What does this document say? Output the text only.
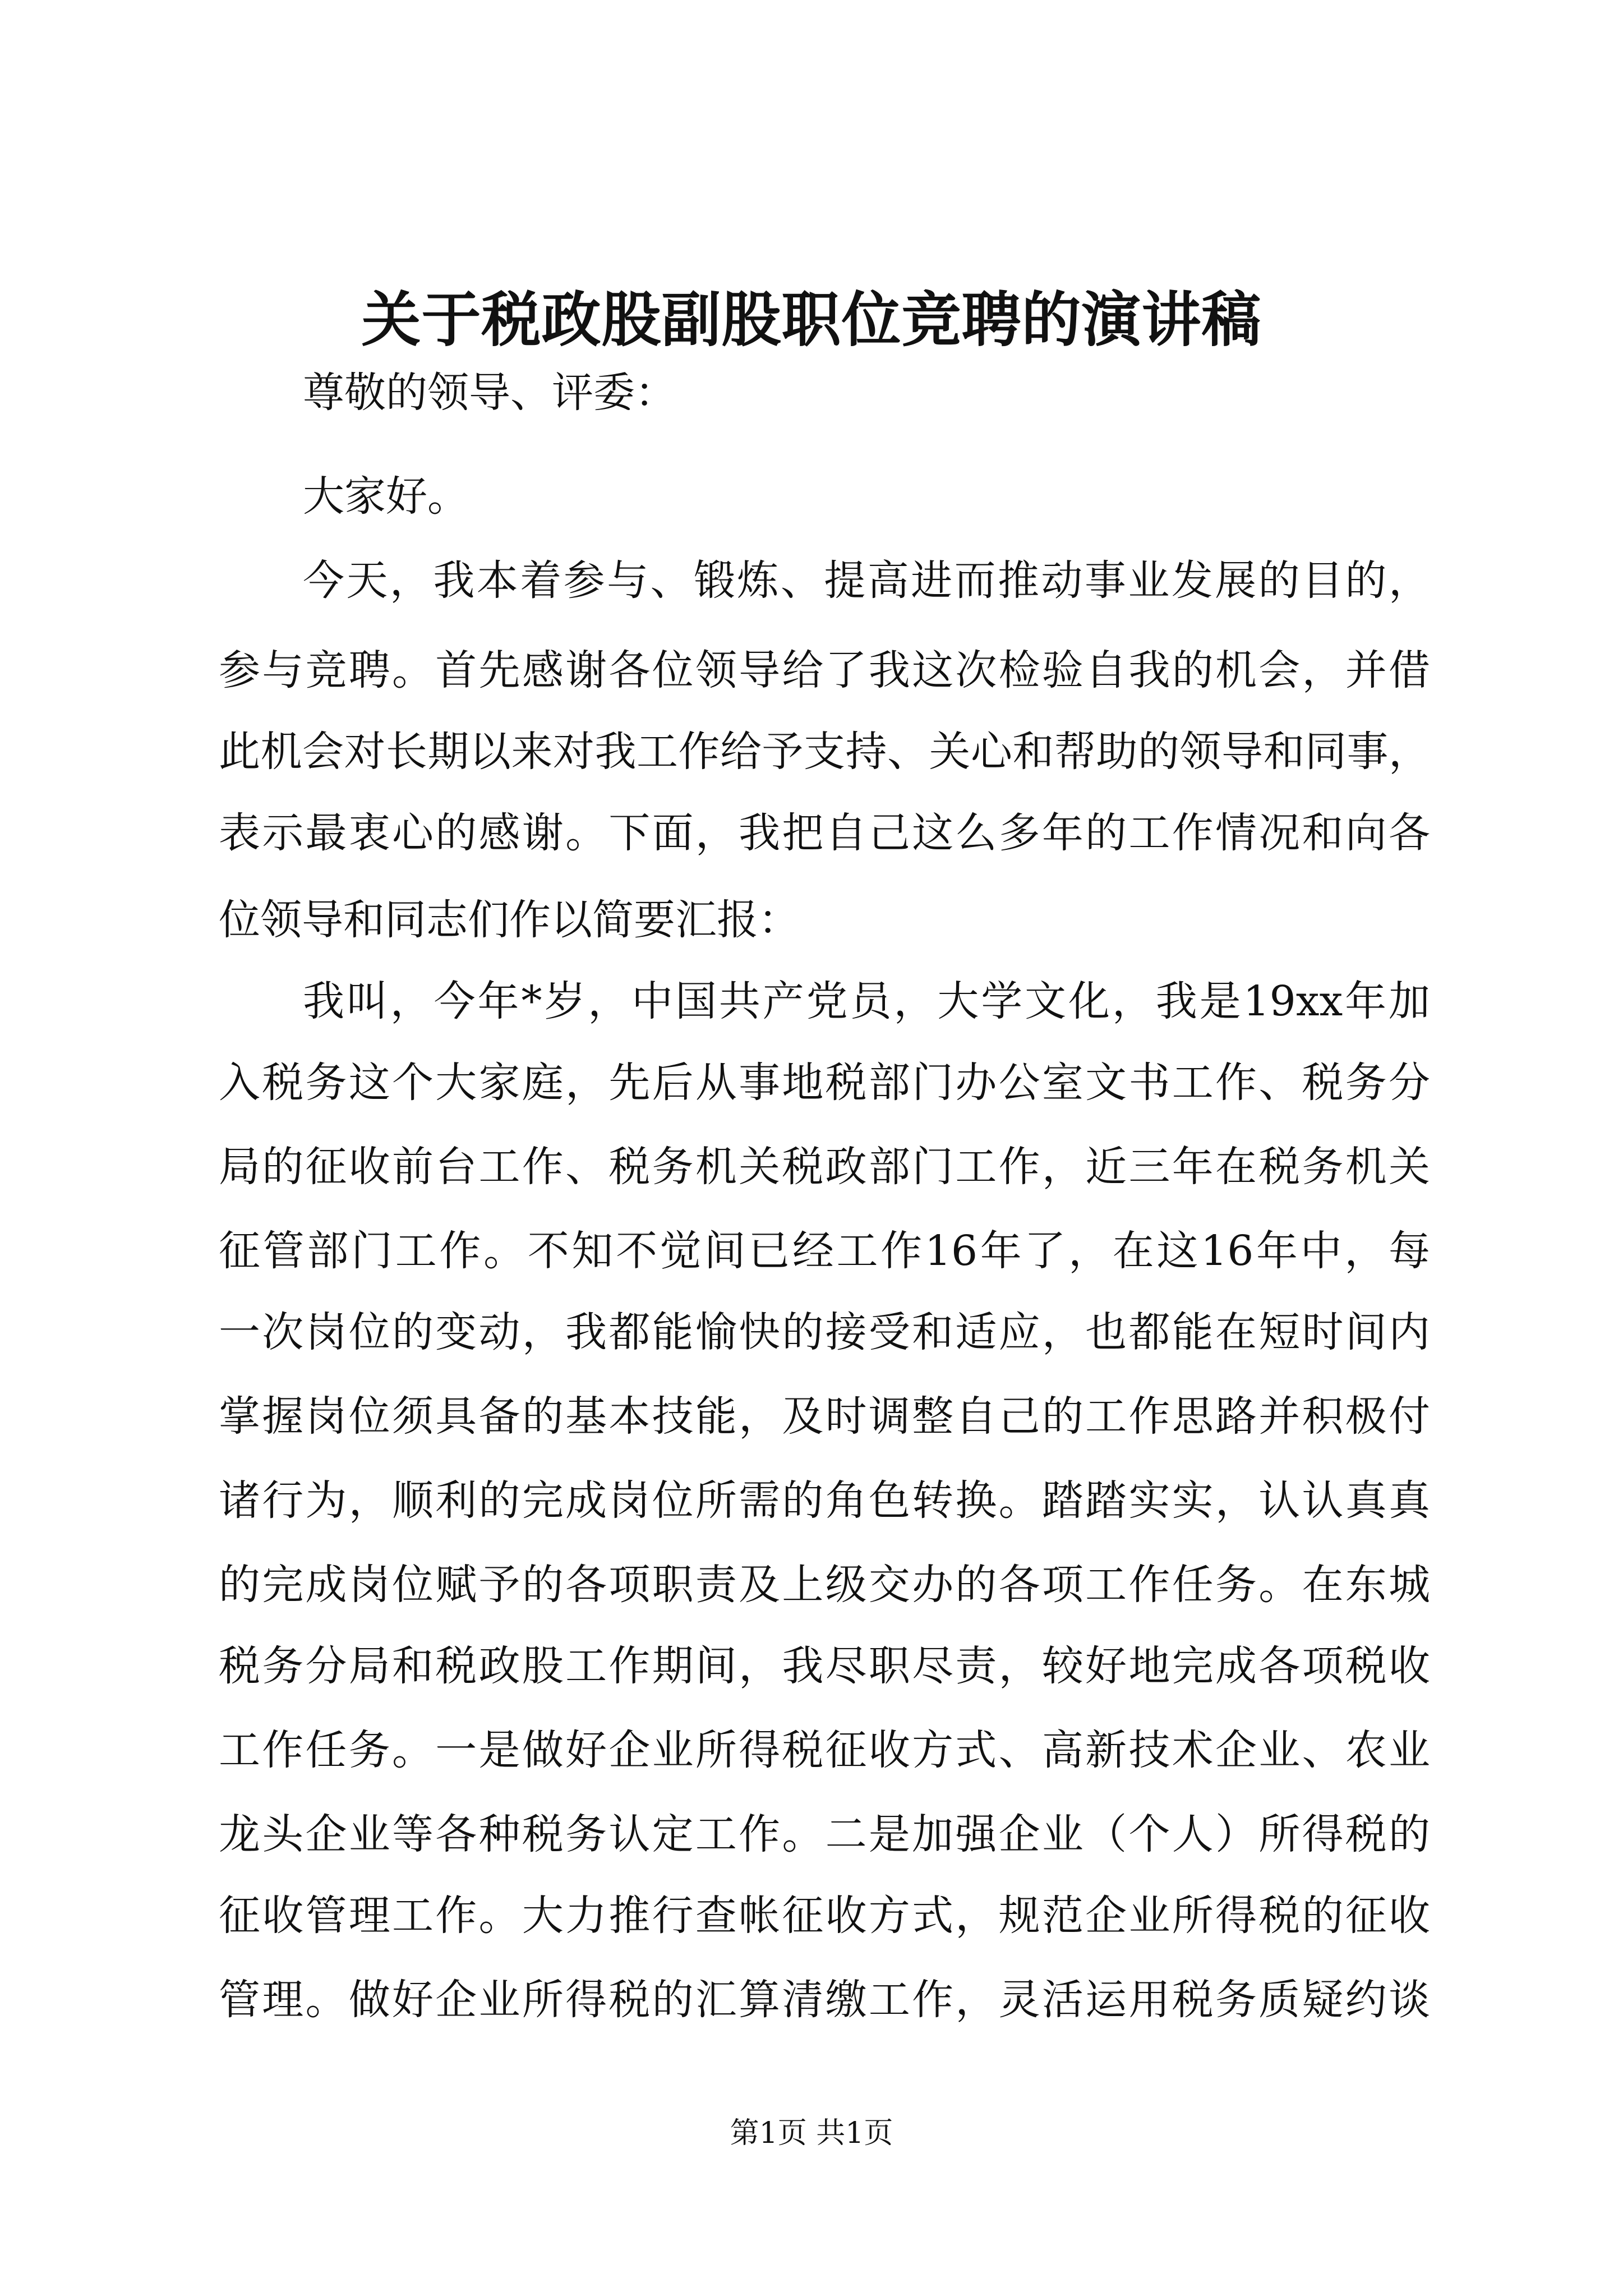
关于税政股副股职位竞聘的演讲稿
尊敬的领导、评委：
大家好。
今天，我本着参与、锻炼、提高进而推动事业发展的目的，
参与竞聘。首先感谢各位领导给了我这次检验自我的机会，并借
此机会对长期以来对我工作给予支持、关心和帮助的领导和同事，
表示最衷心的感谢。下面，我把自己这么多年的工作情况和向各
位领导和同志们作以简要汇报：
我叫，今年*岁，中国共产党员，大学文化，我是19xx年加
入税务这个大家庭，先后从事地税部门办公室文书工作、税务分
局的征收前台工作、税务机关税政部门工作，近三年在税务机关
征管部门工作。不知不觉间已经工作16年了，在这16年中，每
一次岗位的变动，我都能愉快的接受和适应，也都能在短时间内
掌握岗位须具备的基本技能，及时调整自己的工作思路并积极付
诸行为，顺利的完成岗位所需的角色转换。踏踏实实，认认真真
的完成岗位赋予的各项职责及上级交办的各项工作任务。在东城
税务分局和税政股工作期间，我尽职尽责，较好地完成各项税收
工作任务。一是做好企业所得税征收方式、高新技术企业、农业
龙头企业等各种税务认定工作。二是加强企业（个人）所得税的
征收管理工作。大力推行查帐征收方式，规范企业所得税的征收
管理。做好企业所得税的汇算清缴工作，灵活运用税务质疑约谈
第1页 共1页
